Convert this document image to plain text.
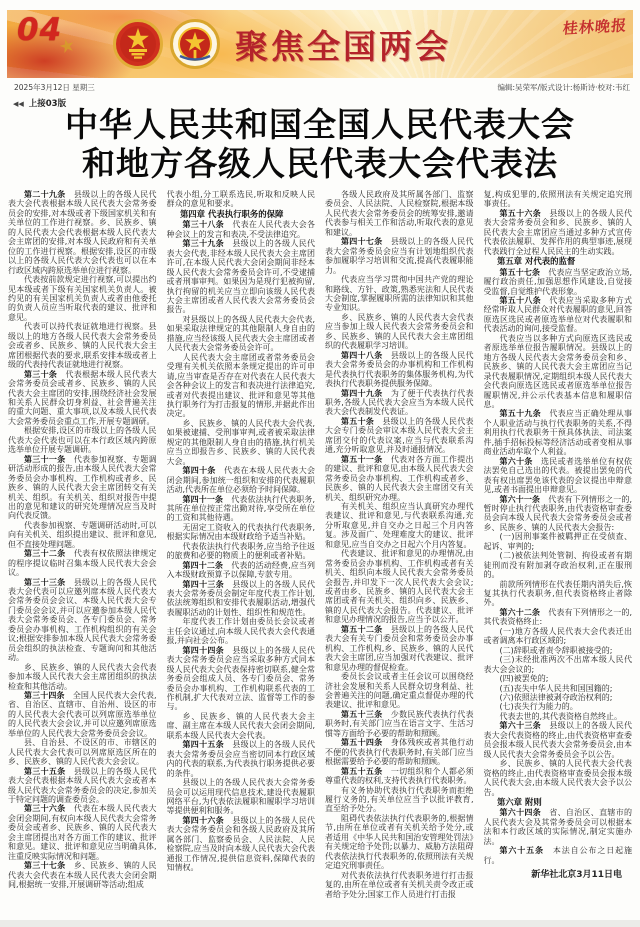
04
★	聚焦全国两会
桂林晚报
2025年3月12日 星期三	编辑:吴荣军/版式设计:杨斯诗·校对:韦红
◀◀ 上接03版
中华人民共和国全国人民代表大会
和地方各级人民代表大会代表法

第二十九条　县级以上的各级人民代表大会代表根据本级人民代表大会常务委员会的安排,对本级或者下级国家机关和有关单位的工作进行视察。乡、民族乡、镇的人民代表大会代表根据本级人民代表大会主席团的安排,对本级人民政府和有关单位的工作进行视察。根据安排,设区的市级以上的各级人民代表大会代表也可以在本行政区域内跨原选举单位进行视察。

代表按前款规定进行视察,可以提出约见本级或者下级有关国家机关负责人。被约见的有关国家机关负责人或者由他委托的负责人员应当听取代表的建议、批评和意见。

代表可以持代表证就地进行视察。县级以上的地方各级人民代表大会常务委员会或者乡、民族乡、镇的人民代表大会主席团根据代表的要求,联系安排本级或者上级的代表持代表证就地进行视察。

第三十条　代表根据本级人民代表大会常务委员会或者乡、民族乡、镇的人民代表大会主席团的安排,围绕经济社会发展和关系人民群众切身利益、社会普遍关注的重大问题、重大事项,以及本级人民代表大会常务委员会重点工作,开展专题调研。

根据安排,设区的市级以上的各级人民代表大会代表也可以在本行政区域内跨原选举单位开展专题调研。

第三十一条　代表参加视察、专题调研活动形成的报告,由本级人民代表大会常务委员会办事机构、工作机构或者乡、民族乡、镇的人民代表大会主席团转交有关机关、组织。有关机关、组织对报告中提出的意见和建议的研究处理情况应当及时向代表反馈。

代表参加视察、专题调研活动时,可以向有关机关、组织提出建议、批评和意见,但不直接处理问题。

第三十二条　代表有权依照法律规定的程序提议临时召集本级人民代表大会会议。

第三十三条　县级以上的各级人民代表大会代表可以应邀列席本级人民代表大会常务委员会会议、本级人民代表大会专门委员会会议,并可以应邀参加本级人民代表大会常务委员会、各专门委员会、常务委员会办事机构、工作机构组织的有关会议;根据安排参加本级人民代表大会常务委员会组织的执法检查、专题询问和其他活动。

乡、民族乡、镇的人民代表大会代表参加本级人民代表大会主席团组织的执法检查和其他活动。

第三十四条　全国人民代表大会代表,省、自治区、直辖市、自治州、设区的市的人民代表大会代表可以列席原选举单位的人民代表大会会议,并可以应邀列席原选举单位的人民代表大会常务委员会会议。

县、自治县、不设区的市、市辖区的人民代表大会代表可以列席原选区所在的乡、民族乡、镇的人民代表大会会议。

第三十五条　县级以上的各级人民代表大会代表根据本级人民代表大会或者本级人民代表大会常务委员会的决定,参加关于特定问题的调查委员会。

第三十六条　代表在本级人民代表大会闭会期间,有权向本级人民代表大会常务委员会或者乡、民族乡、镇的人民代表大会主席团提出对各方面工作的建议、批评和意见。建议、批评和意见应当明确具体,注重反映实际情况和问题。

第三十七条　乡、民族乡、镇的人民代表大会代表在本级人民代表大会闭会期间,根据统一安排,开展调研等活动;组成

代表小组,分工联系选民,听取和反映人民群众的意见和要求。

第四章 代表执行职务的保障

第三十八条　代表在人民代表大会各种会议上的发言和表决,不受法律追究。

第三十九条　县级以上的各级人民代表大会代表,非经本级人民代表大会主席团许可,在本级人民代表大会闭会期间非经本级人民代表大会常务委员会许可,不受逮捕或者刑事审判。如果因为是现行犯被拘留,执行拘留的机关应当立即向该级人民代表大会主席团或者人民代表大会常务委员会报告。

对县级以上的各级人民代表大会代表,如果采取法律规定的其他限制人身自由的措施,应当经该级人民代表大会主席团或者人民代表大会常务委员会许可。

人民代表大会主席团或者常务委员会受理有关机关依照本条规定提出的许可申请,应当审查是否存在对代表在人民代表大会各种会议上的发言和表决进行法律追究,或者对代表提出建议、批评和意见等其他执行职务行为打击报复的情形,并据此作出决定。

乡、民族乡、镇的人民代表大会代表,如果被逮捕、受刑事审判,或者被采取法律规定的其他限制人身自由的措施,执行机关应当立即报告乡、民族乡、镇的人民代表大会。

第四十条　代表在本级人民代表大会闭会期间,参加统一组织和安排的代表履职活动,代表所在单位必须给予时间保障。

第四十一条　代表依法执行代表职务,其所在单位按正常出勤对待,享受所在单位的工资和其他待遇。

无固定工资收入的代表执行代表职务,根据实际情况由本级财政给予适当补贴。

代表依法执行代表职务,应当给予往返的旅费和必要的物质上的便利或者补贴。

第四十二条　代表的活动经费,应当列入本级财政预算予以保障,专款专用。

第四十三条　县级以上的各级人民代表大会常务委员会制定年度代表工作计划,依法统筹组织和安排代表履职活动,增强代表履职活动的计划性、组织性和规范性。

年度代表工作计划由委员长会议或者主任会议通过,向本级人民代表大会代表通报,并向社会公布。

第四十四条　县级以上的各级人民代表大会常务委员会应当采取多种方式同本级人民代表大会代表保持密切联系,健全常务委员会组成人员、各专门委员会、常务委员会办事机构、工作机构联系代表的工作机制,扩大代表对立法、监督等工作的参与。

乡、民族乡、镇的人民代表大会主席、副主席在本级人民代表大会闭会期间,联系本级人民代表大会代表。

第四十五条　县级以上的各级人民代表大会常务委员会应当密切同本行政区域内的代表的联系,为代表执行职务提供必要的条件。

县级以上的各级人民代表大会常务委员会可以运用现代信息技术,建设代表履职网络平台,为代表依法履职和履职学习培训等提供便利和服务。

第四十六条　县级以上的各级人民代表大会常务委员会和各级人民政府及其所属各部门、监察委员会、人民法院、人民检察院,应当及时向本级人民代表大会代表通报工作情况,提供信息资料,保障代表的知情权。

各级人民政府及其所属各部门、监察委员会、人民法院、人民检察院,根据本级人民代表大会常务委员会的统筹安排,邀请代表参与相关工作和活动,听取代表的意见和建议。

第四十七条　县级以上的各级人民代表大会常务委员会应当有计划地组织代表参加履职学习培训和交流,提高代表履职能力。

代表应当学习贯彻中国共产党的理论和路线、方针、政策,熟悉宪法和人民代表大会制度,掌握履职所需的法律知识和其他专业知识。

乡、民族乡、镇的人民代表大会代表应当参加上级人民代表大会常务委员会和乡、民族乡、镇的人民代表大会主席团组织的代表履职学习培训。

第四十八条　县级以上的各级人民代表大会常务委员会的办事机构和工作机构是代表执行代表职务的集体服务机构,为代表执行代表职务提供服务保障。

第四十九条　为了便于代表执行代表职务,各级人民代表大会应当为本级人民代表大会代表制发代表证。

第五十条　县级以上的各级人民代表大会专门委员会审议本级人民代表大会主席团交付的代表议案,应当与代表联系沟通,充分听取意见,并及时通报情况。

第五十一条　代表对各方面工作提出的建议、批评和意见,由本级人民代表大会常务委员会办事机构、工作机构或者乡、民族乡、镇的人民代表大会主席团交有关机关、组织研究办理。

有关机关、组织应当认真研究办理代表建议、批评和意见,与代表联系沟通,充分听取意见,并自交办之日起三个月内答复。涉及面广、处理难度大的建议、批评和意见,应当自交办之日起六个月内答复。

代表建议、批评和意见的办理情况,由常务委员会办事机构、工作机构或者有关机关、组织向本级人民代表大会常务委员会报告,并印发下一次人民代表大会会议;或者由乡、民族乡、镇的人民代表大会主席团或者有关机关、组织向乡、民族乡、镇的人民代表大会报告。代表建议、批评和意见办理情况的报告,应当予以公开。

第五十二条　县级以上的各级人民代表大会有关专门委员会和常务委员会办事机构、工作机构,乡、民族乡、镇的人民代表大会主席团,应当加强对代表建议、批评和意见办理的督促检查。

委员长会议或者主任会议可以围绕经济社会发展和关系人民群众切身利益、社会普遍关注的问题,确定重点督促办理的代表建议、批评和意见。

第五十三条　少数民族代表执行代表职务时,有关部门应当在语言文字、生活习惯等方面给予必要的帮助和照顾。

第五十四条　身体残疾或者其他行动不便的代表执行代表职务时,有关部门应当根据需要给予必要的帮助和照顾。

第五十五条　一切组织和个人都必须尊重代表的权利,支持代表执行代表职务。

有义务协助代表执行代表职务而拒绝履行义务的,有关单位应当予以批评教育,直至给予处分。

阻碍代表依法执行代表职务的,根据情节,由所在单位或者有关机关给予处分,或者适用《中华人民共和国治安管理处罚法》有关规定给予处罚;以暴力、威胁方法阻碍代表依法执行代表职务的,依照刑法有关规定追究刑事责任。

对代表依法执行代表职务进行打击报复的,由所在单位或者有关机关责令改正或者给予处分;国家工作人员进行打击报

复,构成犯罪的,依照刑法有关规定追究刑事责任。

第五十六条　县级以上的各级人民代表大会常务委员会和乡、民族乡、镇的人民代表大会主席团应当通过多种方式宣传代表依法履职、发挥作用的典型事迹,展现代表践行全过程人民民主的生动实践。

第五章 对代表的监督

第五十七条　代表应当坚定政治立场,履行政治责任,加强思想作风建设,自觉接受监督,自觉维护代表形象。

第五十八条　代表应当采取多种方式经常听取人民群众对代表履职的意见,回答原选区选民或者原选举单位对代表履职和代表活动的询问,接受监督。

代表应当以多种方式向原选区选民或者原选举单位报告履职情况。县级以上的地方各级人民代表大会常务委员会和乡、民族乡、镇的人民代表大会主席团应当记录代表履职情况,定期组织本级人民代表大会代表向原选区选民或者原选举单位报告履职情况,并公示代表基本信息和履职信息。

第五十九条　代表应当正确处理从事个人职业活动与执行代表职务的关系,不得利用执行代表职务干预具体执法、司法案件,插手招标投标等经济活动或者变相从事商业活动牟取个人利益。

第六十条　选民或者选举单位有权依法罢免自己选出的代表。被提出罢免的代表有权出席罢免该代表的会议提出申辩意见,或者书面提出申辩意见。

第六十一条　代表有下列情形之一的,暂时停止执行代表职务,由代表资格审查委员会向本级人民代表大会常务委员会或者乡、民族乡、镇的人民代表大会报告:

(一)因刑事案件被羁押正在受侦查、起诉、审判的;

(二)被依法判处管制、拘役或者有期徒刑而没有附加剥夺政治权利,正在服刑的。

前款所列情形在代表任期内消失后,恢复其执行代表职务,但代表资格终止者除外。

第六十二条　代表有下列情形之一的,其代表资格终止:

(一)地方各级人民代表大会代表迁出或者调离本行政区域的;

(二)辞职或者责令辞职被接受的;

(三)未经批准两次不出席本级人民代表大会会议的;

(四)被罢免的;

(五)丧失中华人民共和国国籍的;

(六)依照法律被剥夺政治权利的;

(七)丧失行为能力的。

代表去世的,其代表资格自然终止。

第六十三条　县级以上的各级人民代表大会代表资格的终止,由代表资格审查委员会报本级人民代表大会常务委员会,由本级人民代表大会常务委员会予以公告。

乡、民族乡、镇的人民代表大会代表资格的终止,由代表资格审查委员会报本级人民代表大会,由本级人民代表大会予以公告。

第六章 附则

第六十四条　省、自治区、直辖市的人民代表大会及其常务委员会可以根据本法和本行政区域的实际情况,制定实施办法。

第六十五条　本法自公布之日起施行。

新华社北京3月11日电
